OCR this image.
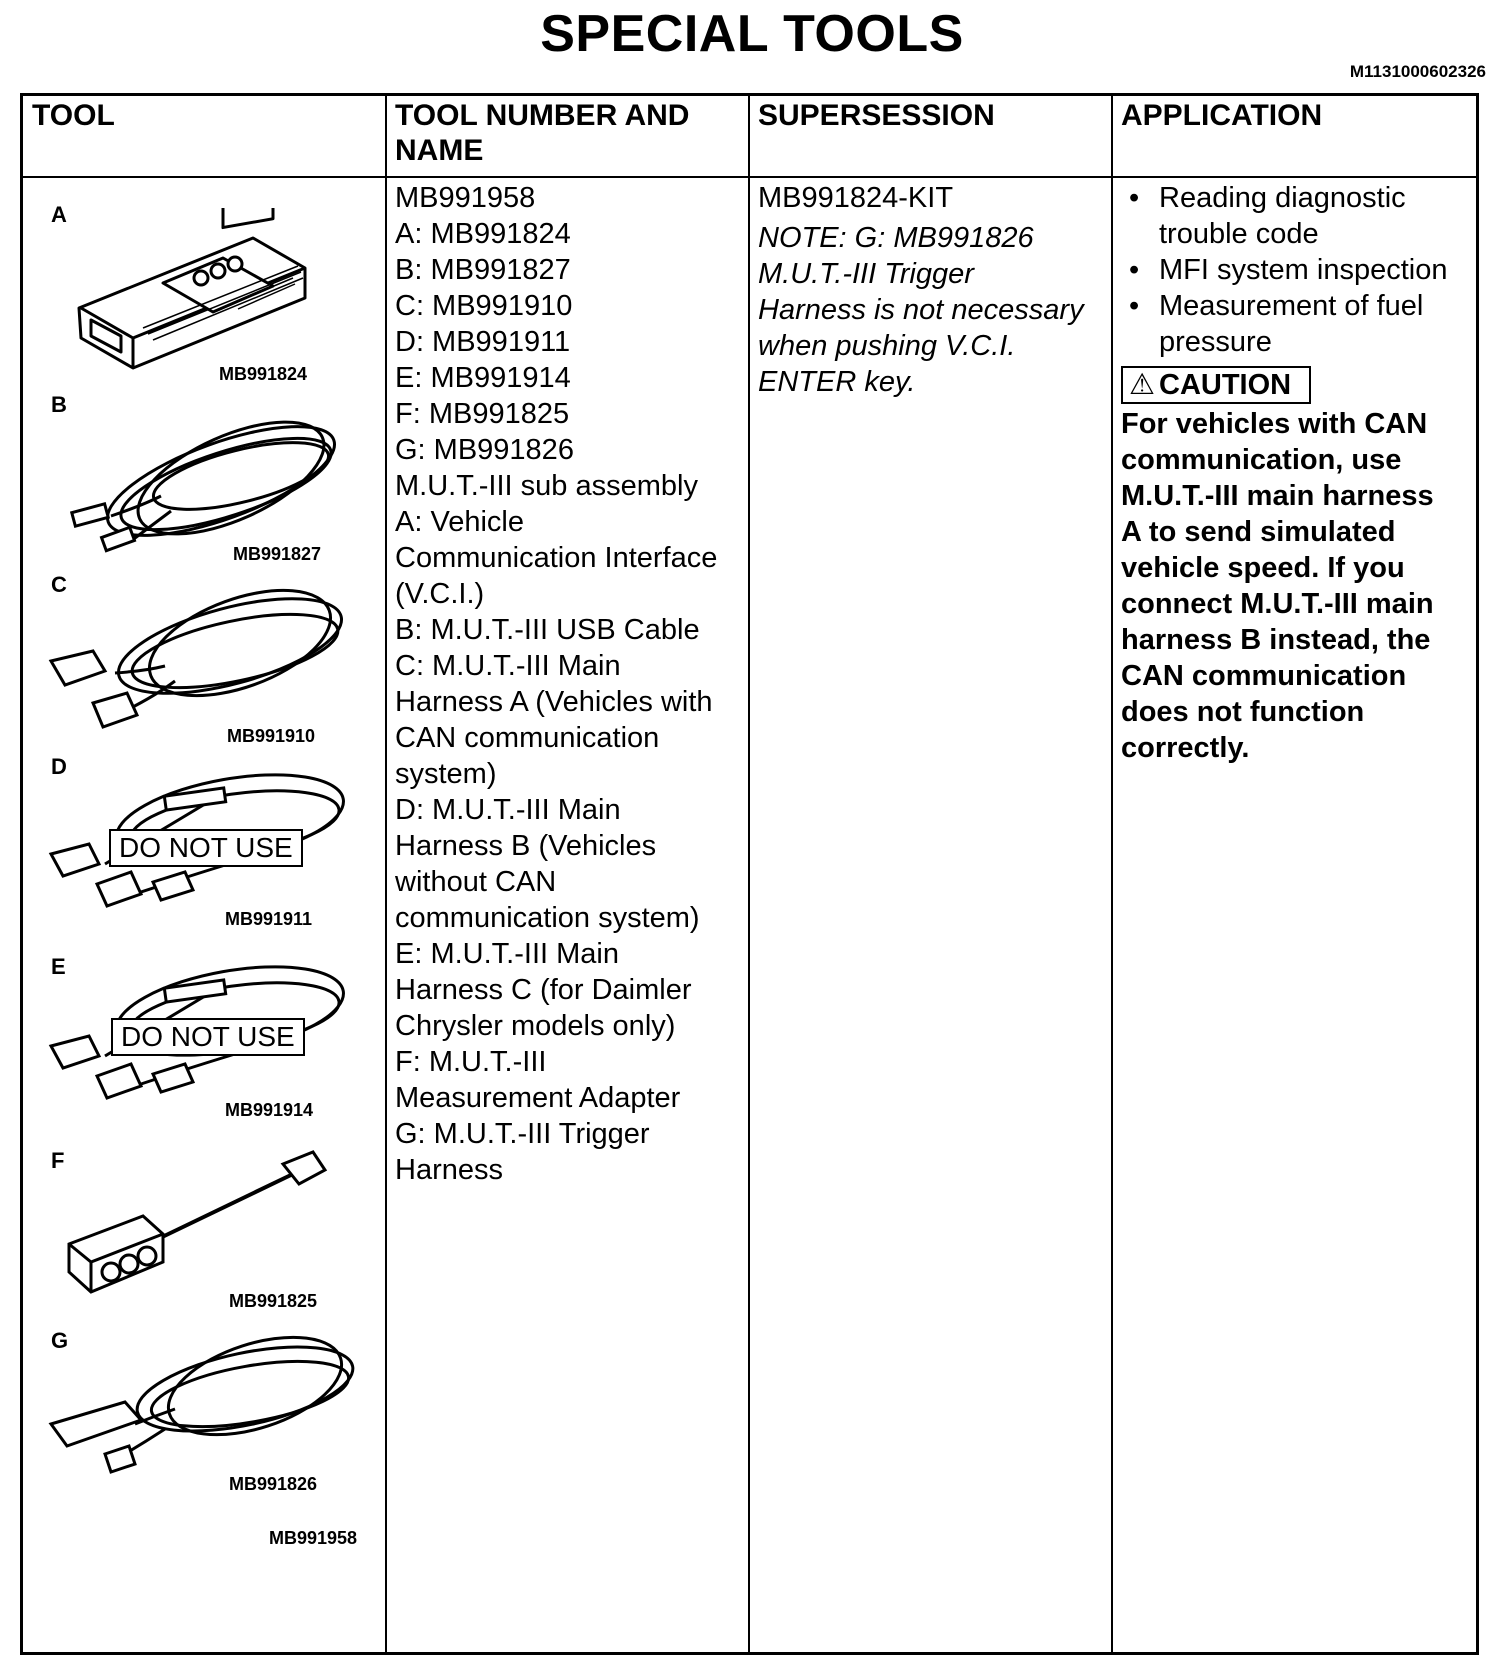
SPECIAL TOOLS
M1131000602326
TOOL	TOOL NUMBER AND
NAME
SUPERSESSION	APPLICATION
A
MB991824
B
MB991827
C
MB991910
D
DO NOT USE
MB991911
E
DO NOT USE
MB991914
F
MB991825
G
MB991826
MB991958
MB991958
A: MB991824
B: MB991827
C: MB991910
D: MB991911
E: MB991914
F: MB991825
G: MB991826
M.U.T.-III sub assembly
A: Vehicle
Communication Interface
(V.C.I.)
B: M.U.T.-III USB Cable
C: M.U.T.-III Main
Harness A (Vehicles with
CAN communication
system)
D: M.U.T.-III Main
Harness B (Vehicles
without CAN
communication system)
E: M.U.T.-III Main
Harness C (for Daimler
Chrysler models only)
F: M.U.T.-III
Measurement Adapter
G: M.U.T.-III Trigger
Harness
MB991824-KIT
NOTE: G: MB991826
M.U.T.-III Trigger
Harness is not necessary
when pushing V.C.I.
ENTER key.
• Reading diagnostic
trouble code
• MFI system inspection
• Measurement of fuel
pressure
⚠ CAUTION
For vehicles with CAN
communication, use
M.U.T.-III main harness
A to send simulated
vehicle speed. If you
connect M.U.T.-III main
harness B instead, the
CAN communication
does not function
correctly.
